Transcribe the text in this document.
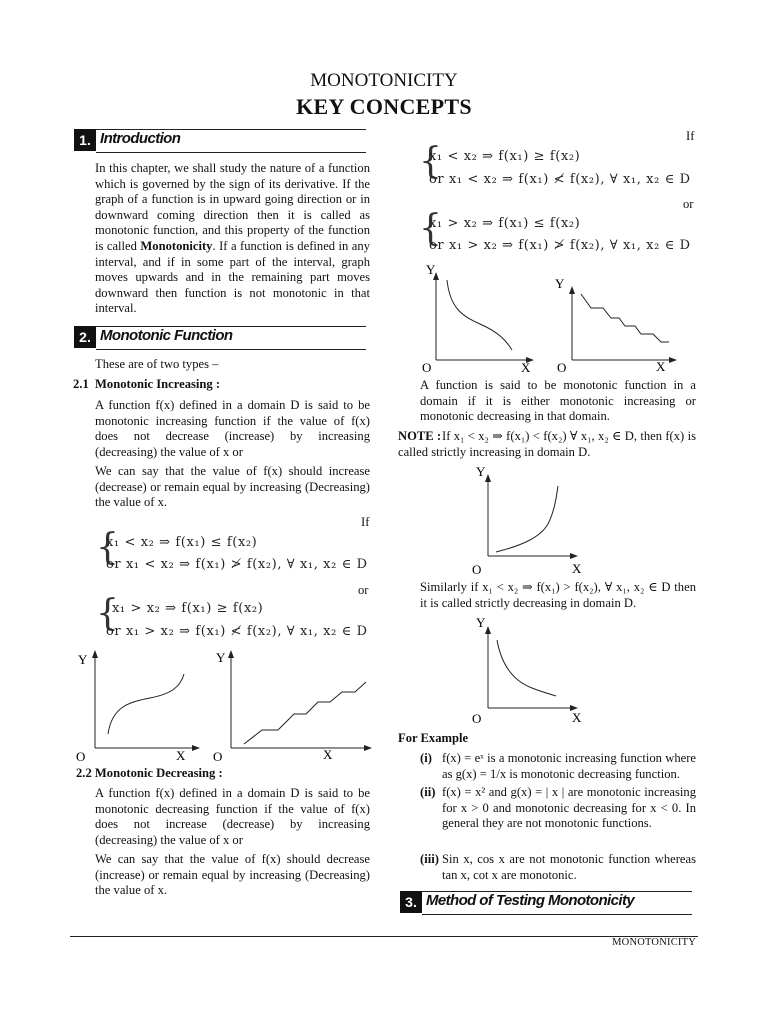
MONOTONICITY
KEY CONCEPTS
1. Introduction
In this chapter, we shall study the nature of a function which is governed by the sign of its derivative. If the graph of a function is in upward going direction or in downward coming direction then it is called as monotonic function, and this property of the function is called Monotonicity. If a function is defined in any interval, and if in some part of the interval, graph moves upwards and in the remaining part moves downward then function is not monotonic in that interval.
2. Monotonic Function
These are of two types –
2.1 Monotonic Increasing :
A function f(x) defined in a domain D is said to be monotonic increasing function if the value of f(x) does not decrease (increase) by increasing (decreasing) the value of x or
We can say that the value of f(x) should increase (decrease) or remain equal by increasing (Decreasing) the value of x.
If
{
x₁ < x₂ ⇒ f(x₁) ≤ f(x₂)
or x₁ < x₂ ⇒ f(x₁) ≯ f(x₂), ∀ x₁, x₂ ∈ D
or
{
x₁ > x₂ ⇒ f(x₁) ≥ f(x₂)
or x₁ > x₂ ⇒ f(x₁) ≮ f(x₂), ∀ x₁, x₂ ∈ D
Y
O	X
Y
O	X
2.2 Monotonic Decreasing :
A function f(x) defined in a domain D is said to be monotonic decreasing function if the value of f(x) does not increase (decrease) by increasing (decreasing) the value of x or
We can say that the value of f(x) should decrease (increase) or remain equal by increasing (Decreasing) the value of x.
If
{
x₁ < x₂ ⇒ f(x₁) ≥ f(x₂)
or x₁ < x₂ ⇒ f(x₁) ≮ f(x₂), ∀ x₁, x₂ ∈ D
or
{
x₁ > x₂ ⇒ f(x₁) ≤ f(x₂)
or x₁ > x₂ ⇒ f(x₁) ≯ f(x₂), ∀ x₁, x₂ ∈ D
Y
O	X
Y
O	X
A function is said to be monotonic function in a domain if it is either monotonic increasing or monotonic decreasing in that domain.
NOTE : If x₁ < x₂ ⇒ f(x₁) < f(x₂) ∀ x₁, x₂ ∈ D, then f(x) is called strictly increasing in domain D.
Y
O	X
Similarly if x₁ < x₂ ⇒ f(x₁) > f(x₂), ∀ x₁, x₂ ∈ D then it is called strictly decreasing in domain D.
Y
O	X
For Example
(i) f(x) = eˣ is a monotonic increasing function where as g(x) = 1/x is monotonic decreasing function.
(ii) f(x) = x² and g(x) = | x | are monotonic increasing for x > 0 and monotonic decreasing for x < 0. In general they are not monotonic functions.
(iii) Sin x, cos x are not monotonic function whereas tan x, cot x are monotonic.
3. Method of Testing Monotonicity
MONOTONICITY
